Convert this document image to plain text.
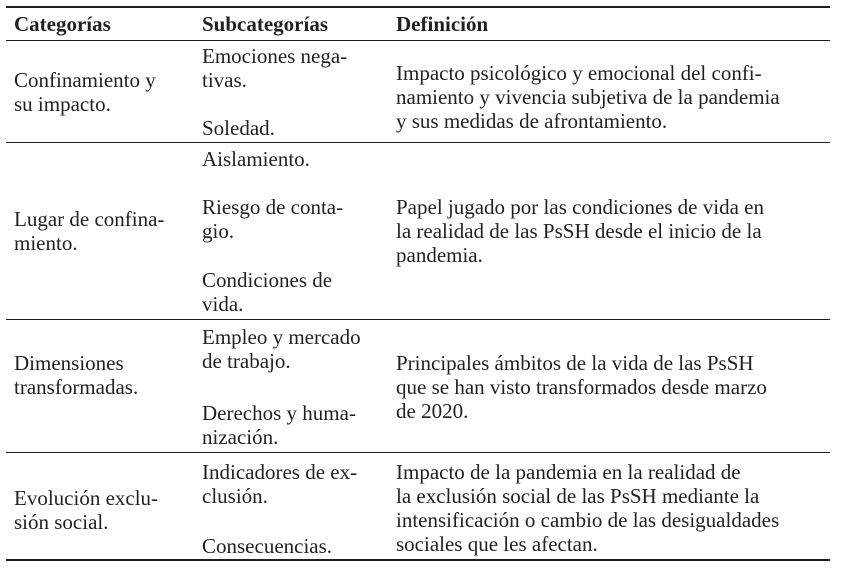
Categorías	Subcategorías	Definición
Confinamiento y
su impacto.
Emociones nega-
tivas.
Soledad.
Impacto psicológico y emocional del confi-
namiento y vivencia subjetiva de la pandemia
y sus medidas de afrontamiento.
Lugar de confina-
miento.
Aislamiento.
Riesgo de conta-
gio.
Condiciones de
vida.
Papel jugado por las condiciones de vida en
la realidad de las PsSH desde el inicio de la
pandemia.
Dimensiones
transformadas.
Empleo y mercado
de trabajo.
Derechos y huma-
nización.
Principales ámbitos de la vida de las PsSH
que se han visto transformados desde marzo
de 2020.
Evolución exclu-
sión social.
Indicadores de ex-
clusión.
Consecuencias.
Impacto de la pandemia en la realidad de
la exclusión social de las PsSH mediante la
intensificación o cambio de las desigualdades
sociales que les afectan.
